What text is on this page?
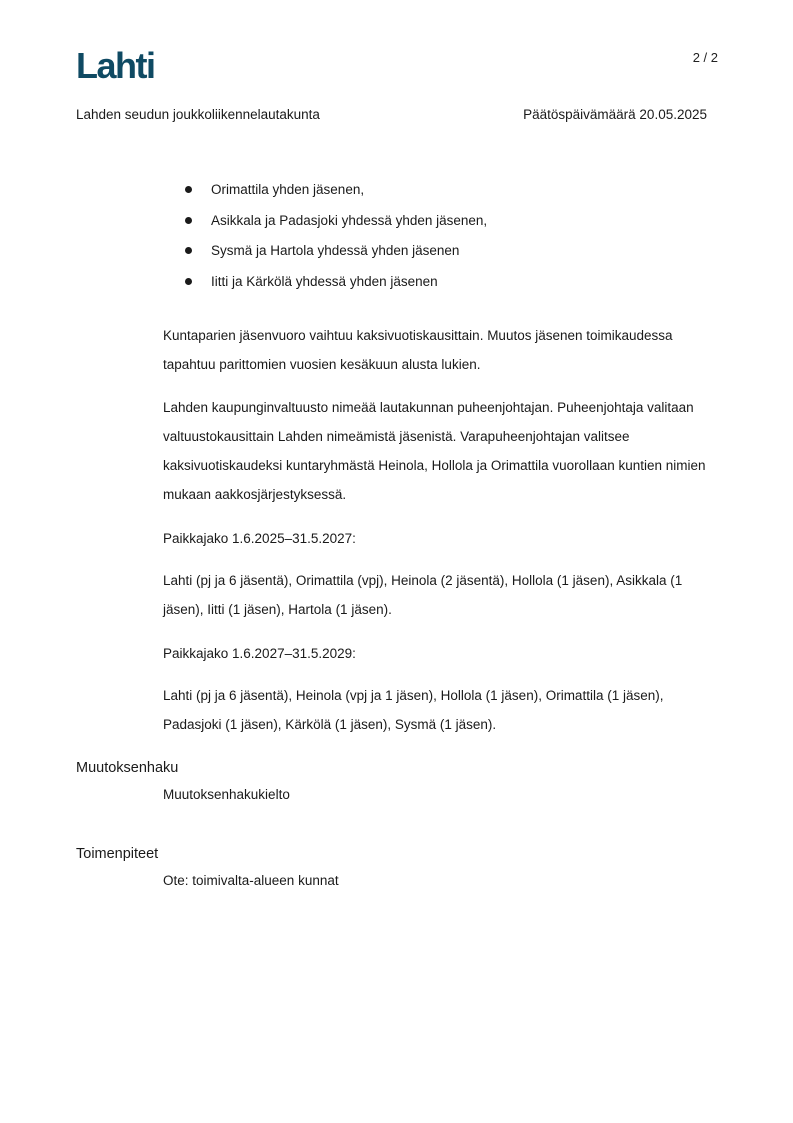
Lahti	2 / 2
Lahden seudun joukkoliikennelautakunta	Päätöspäivämäärä 20.05.2025
Orimattila yhden jäsenen,
Asikkala ja Padasjoki yhdessä yhden jäsenen,
Sysmä ja Hartola yhdessä yhden jäsenen
Iitti ja Kärkölä yhdessä yhden jäsenen

Kuntaparien jäsenvuoro vaihtuu kaksivuotiskausittain. Muutos jäsenen toimikaudessa tapahtuu parittomien vuosien kesäkuun alusta lukien.

Lahden kaupunginvaltuusto nimeää lautakunnan puheenjohtajan. Puheenjohtaja valitaan valtuustokausittain Lahden nimeämistä jäsenistä. Varapuheenjohtajan valitsee kaksivuotiskaudeksi kuntaryhmästä Heinola, Hollola ja Orimattila vuorollaan kuntien nimien mukaan aakkosjärjestyksessä.

Paikkajako 1.6.2025–31.5.2027:

Lahti (pj ja 6 jäsentä), Orimattila (vpj), Heinola (2 jäsentä), Hollola (1 jäsen), Asikkala (1 jäsen), Iitti (1 jäsen), Hartola (1 jäsen).

Paikkajako 1.6.2027–31.5.2029:

Lahti (pj ja 6 jäsentä), Heinola (vpj ja 1 jäsen), Hollola (1 jäsen), Orimattila (1 jäsen), Padasjoki (1 jäsen), Kärkölä (1 jäsen), Sysmä (1 jäsen).

Muutoksenhaku
Muutoksenhakukielto
Toimenpiteet
Ote: toimivalta-alueen kunnat
